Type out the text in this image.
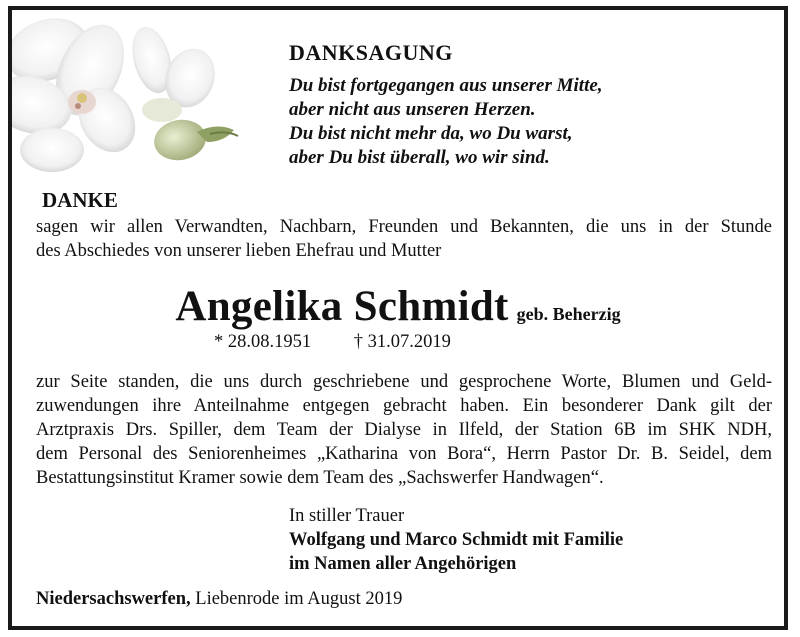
DANKSAGUNG
Du bist fortgegangen aus unserer Mitte,
aber nicht aus unseren Herzen.
Du bist nicht mehr da, wo Du warst,
aber Du bist überall, wo wir sind.
DANKE

sagen wir allen Verwandten, Nachbarn, Freunden und Bekannten, die uns in der Stunde

des Abschiedes von unserer lieben Ehefrau und Mutter

Angelika Schmidt geb. Beherzig
* 28.08.1951 † 31.07.2019

zur Seite standen, die uns durch geschriebene und gesprochene Worte, Blumen und Geld-

zuwendungen ihre Anteilnahme entgegen gebracht haben. Ein besonderer Dank gilt der

Arztpraxis Drs. Spiller, dem Team der Dialyse in Ilfeld, der Station 6B im SHK NDH,

dem Personal des Seniorenheimes „Katharina von Bora“, Herrn Pastor Dr. B. Seidel, dem

Bestattungsinstitut Kramer sowie dem Team des „Sachswerfer Handwagen“.

In stiller Trauer
Wolfgang und Marco Schmidt mit Familie
im Namen aller Angehörigen
Niedersachswerfen, Liebenrode im August 2019
